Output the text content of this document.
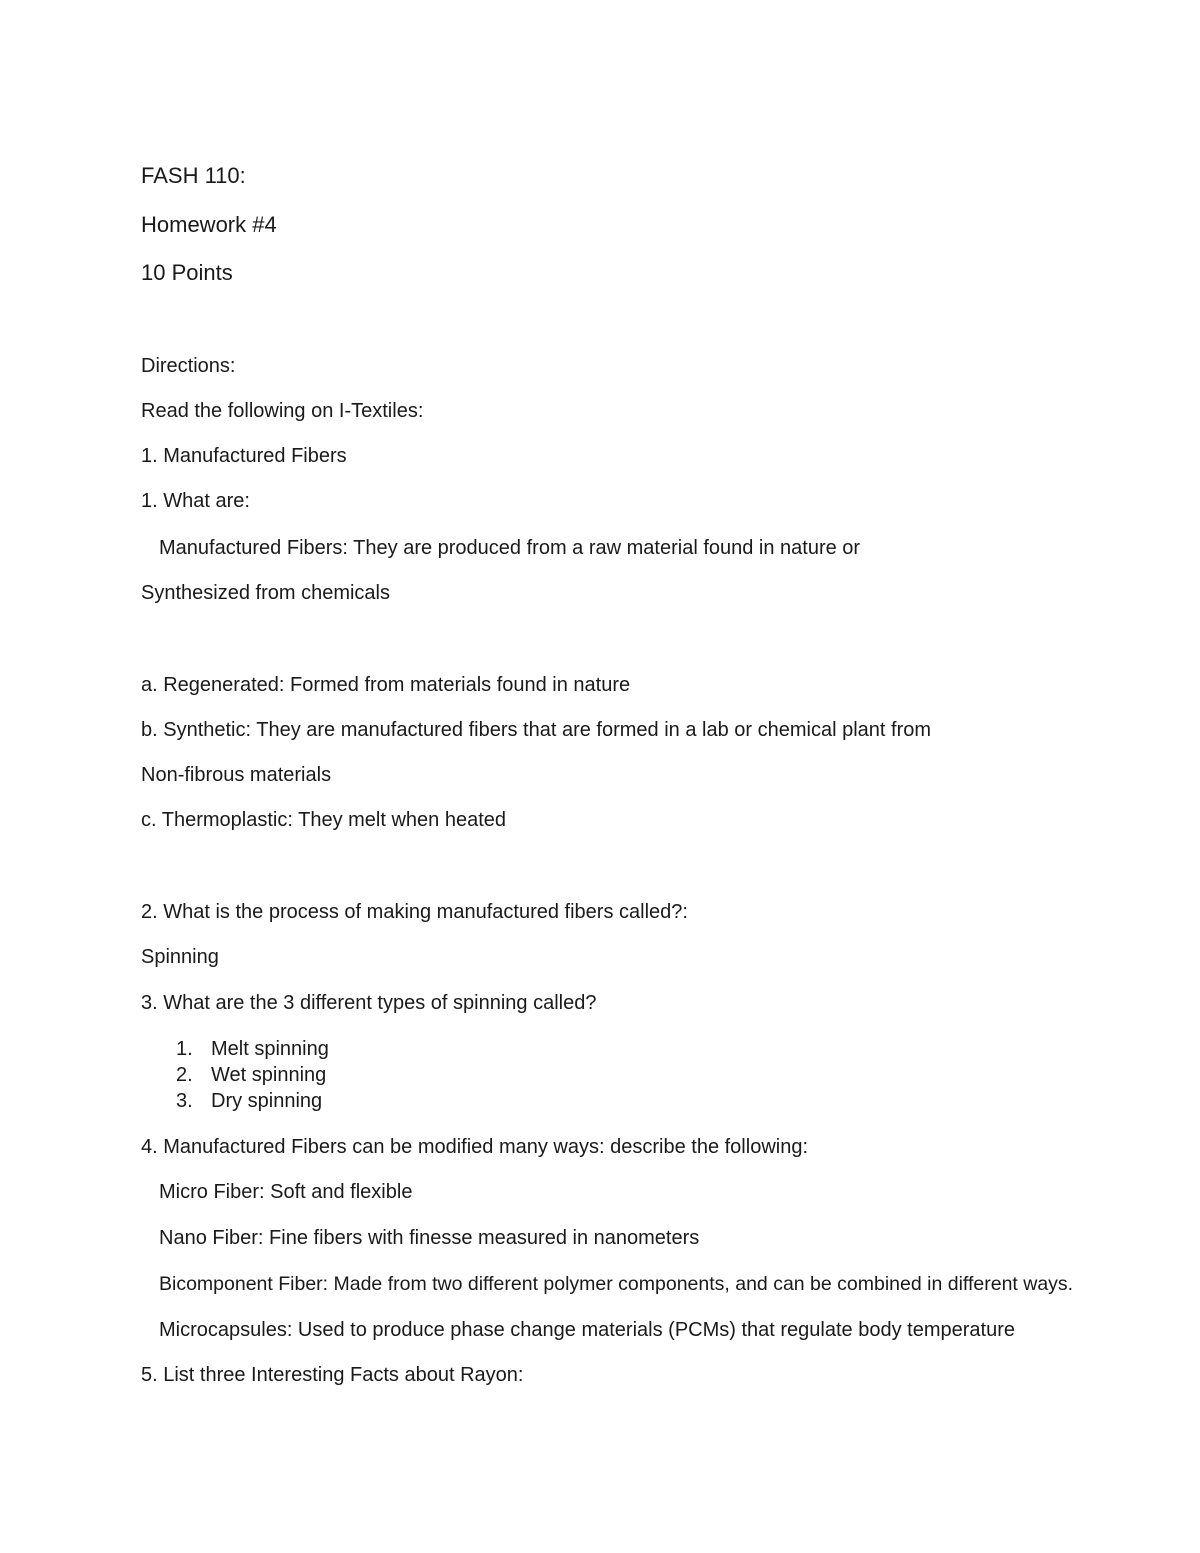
FASH 110:
Homework #4
10 Points
Directions:
Read the following on I-Textiles:
1. Manufactured Fibers
1. What are:
Manufactured Fibers: They are produced from a raw material found in nature or
Synthesized from chemicals
a. Regenerated: Formed from materials found in nature
b. Synthetic: They are manufactured fibers that are formed in a lab or chemical plant from
Non-fibrous materials
c. Thermoplastic: They melt when heated
2. What is the process of making manufactured fibers called?:
Spinning
3. What are the 3 different types of spinning called?
1. Melt spinning
2. Wet spinning
3. Dry spinning
4. Manufactured Fibers can be modified many ways: describe the following:
Micro Fiber: Soft and flexible
Nano Fiber: Fine fibers with finesse measured in nanometers
Bicomponent Fiber: Made from two different polymer components, and can be combined in different ways.
Microcapsules: Used to produce phase change materials (PCMs) that regulate body temperature
5. List three Interesting Facts about Rayon:
